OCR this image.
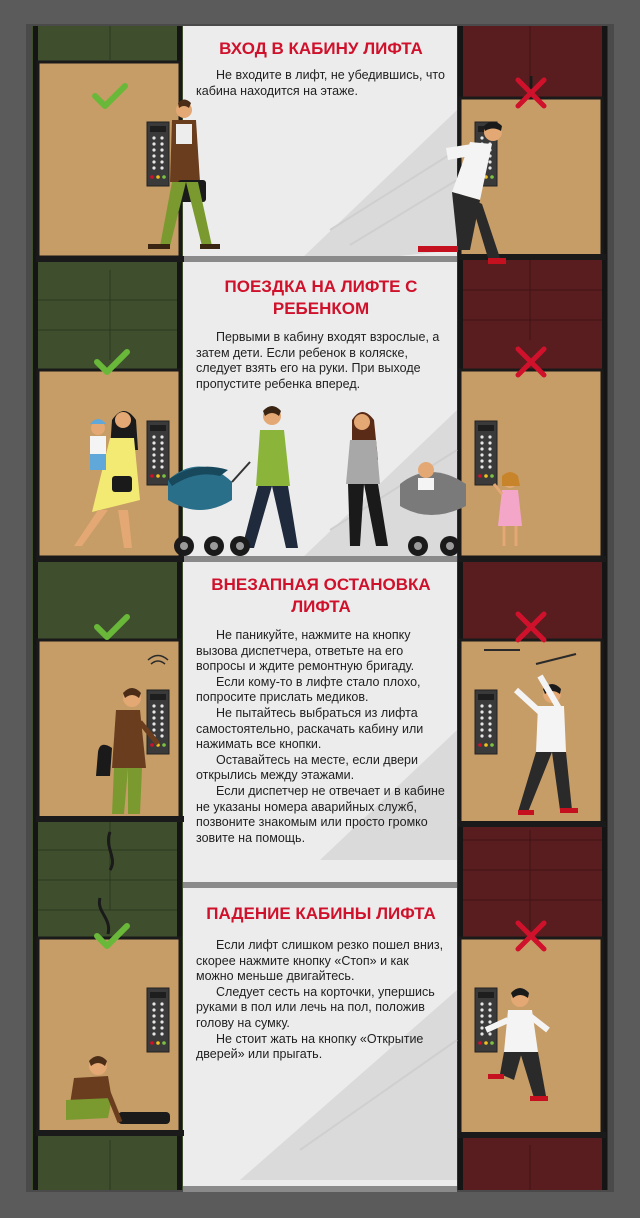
ВХОД В КАБИНУ ЛИФТА

Не входите в лифт, не убедившись, что кабина находится на этаже.

ПОЕЗДКА НА ЛИФТЕ С РЕБЕНКОМ

Первыми в кабину входят взрослые, а затем дети. Если ребенок в коляске, следует взять его на руки. При выходе пропустите ребенка вперед.

ВНЕЗАПНАЯ ОСТАНОВКА ЛИФТА

Не паникуйте, нажмите на кнопку вызова диспетчера, ответьте на его вопросы и ждите ремонтную бригаду.

Если кому-то в лифте стало плохо, попросите прислать медиков.

Не пытайтесь выбраться из лифта самостоятельно, раскачать кабину или нажимать все кнопки.

Оставайтесь на месте, если двери открылись между этажами.

Если диспетчер не отвечает и в кабине не указаны номера аварийных служб, позвоните знакомым или просто громко зовите на помощь.

ПАДЕНИЕ КАБИНЫ ЛИФТА

Если лифт слишком резко пошел вниз, скорее нажмите кнопку «Стоп» и как можно меньше двигайтесь.

Следует сесть на корточки, упершись руками в пол или лечь на пол, положив голову на сумку.

Не стоит жать на кнопку «Открытие дверей» или прыгать.
